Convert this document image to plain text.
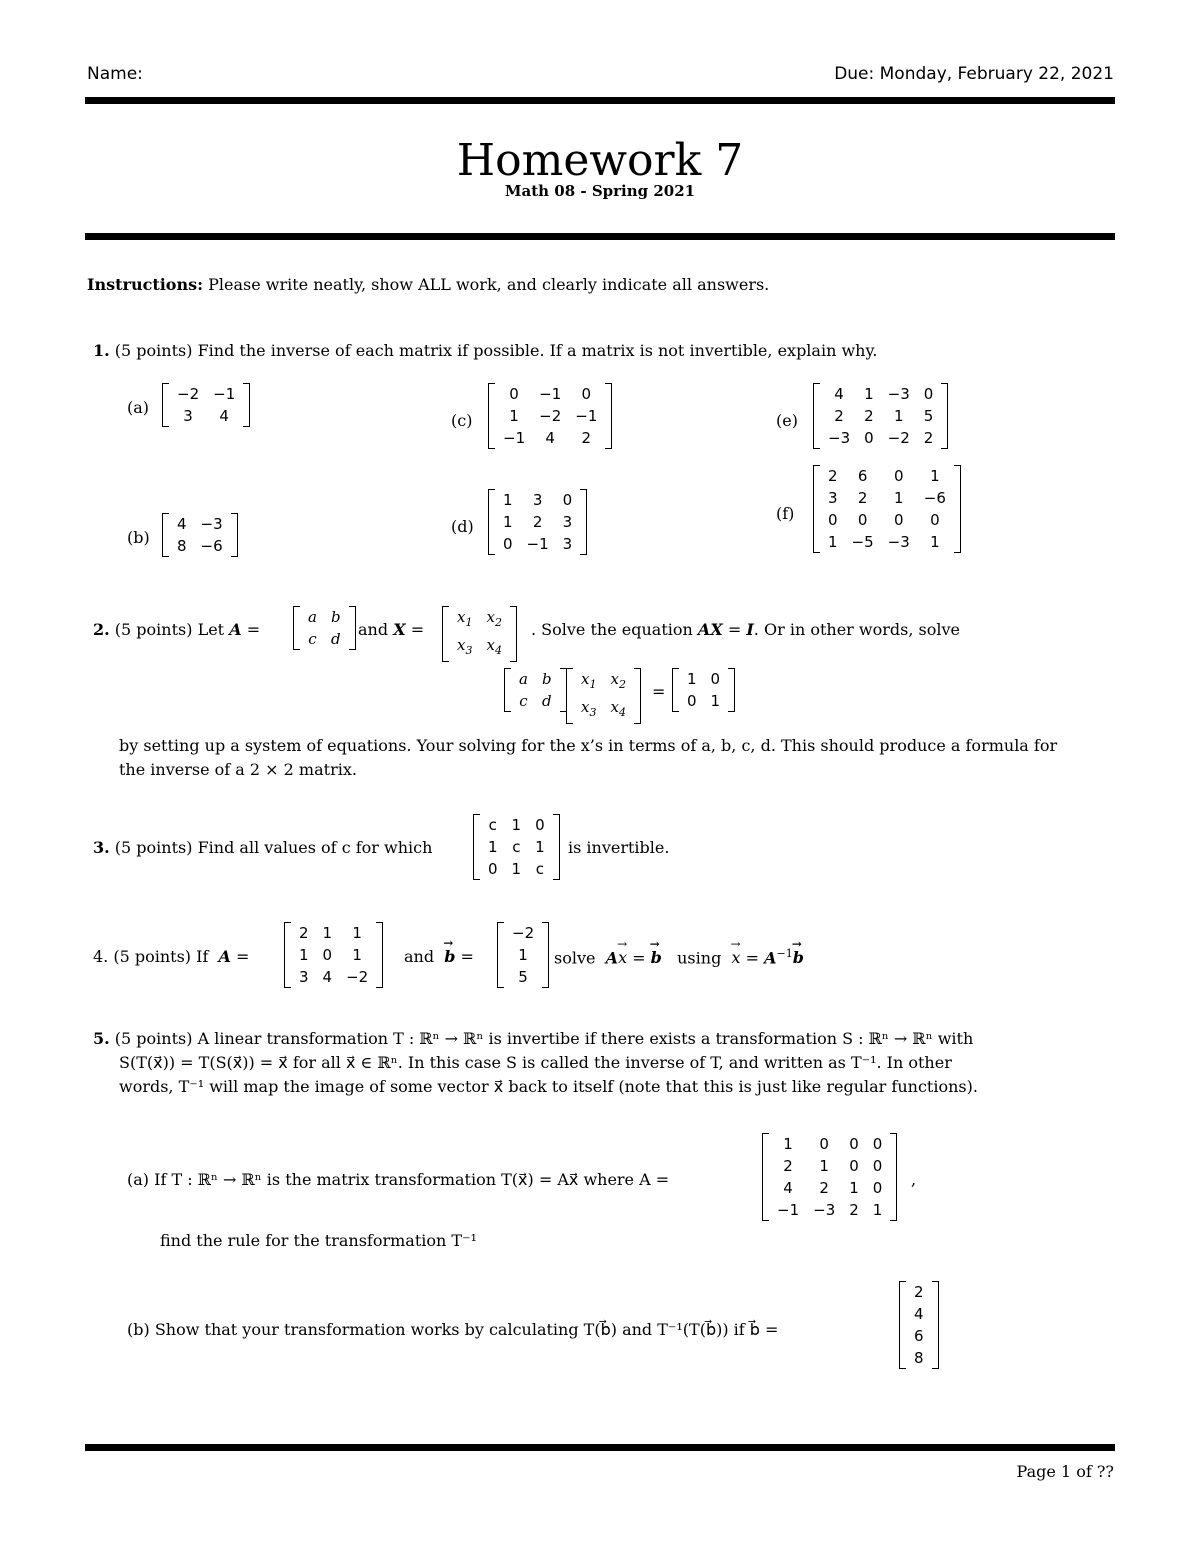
Name:	Due: Monday, February 22, 2021
Homework 7
Math 08 - Spring 2021
Instructions: Please write neatly, show ALL work, and clearly indicate all answers.
1. (5 points) Find the inverse of each matrix if possible. If a matrix is not invertible, explain why.
(a)
−2	−1
3	4
(b)
4	−3
8	−6
(c)
0	−1	0
1	−2	−1
−1	4	2
(d)
1	3	0
1	2	3
0	−1	3
(e)
4	1	−3	0
2	2	1	5
−3	0	−2	2
(f)
2	6	0	1
3	2	1	−6
0	0	0	0
1	−5	−3	1
2. (5 points) Let A =
a	b
c	d and X =
$x_1$	$x_2$
$x_3$	$x_4$
. Solve the equation AX = I. Or in other words, solve
a	b
c	d
$x_1$	$x_2$
$x_3$	$x_4$
=
1	0
0	1
by setting up a system of equations. Your solving for the x’s in terms of a, b, c, d. This should produce a formula for
the inverse of a 2 × 2 matrix.
3. (5 points) Find all values of c for which
c	1	0
1	c	1
0	1	c
is invertible.
4. (5 points) If A =
2	1	1
1	0	1
3	4	−2
and → b =
−2
1
5
solve A→ x = → b $using \to x = A^{-1}\to b$
5. (5 points) A linear transformation T : ℝⁿ → ℝⁿ is invertibe if there exists a transformation S : ℝⁿ → ℝⁿ with
S(T(x⃗)) = T(S(x⃗)) = x⃗ for all x⃗ ∈ ℝⁿ. In this case S is called the inverse of T, and written as T⁻¹. In other
words, T⁻¹ will map the image of some vector x⃗ back to itself (note that this is just like regular functions).
(a) If T : ℝⁿ → ℝⁿ is the matrix transformation T(x⃗) = Ax⃗ where A =
1	0	0	0
2	1	0	0
4	2	1	0
−1	−3	2	1
,
find the rule for the transformation T⁻¹
(b) Show that your transformation works by calculating T(b⃗) and T⁻¹(T(b⃗)) if b⃗ =
2
4
6
8
Page 1 of ??
